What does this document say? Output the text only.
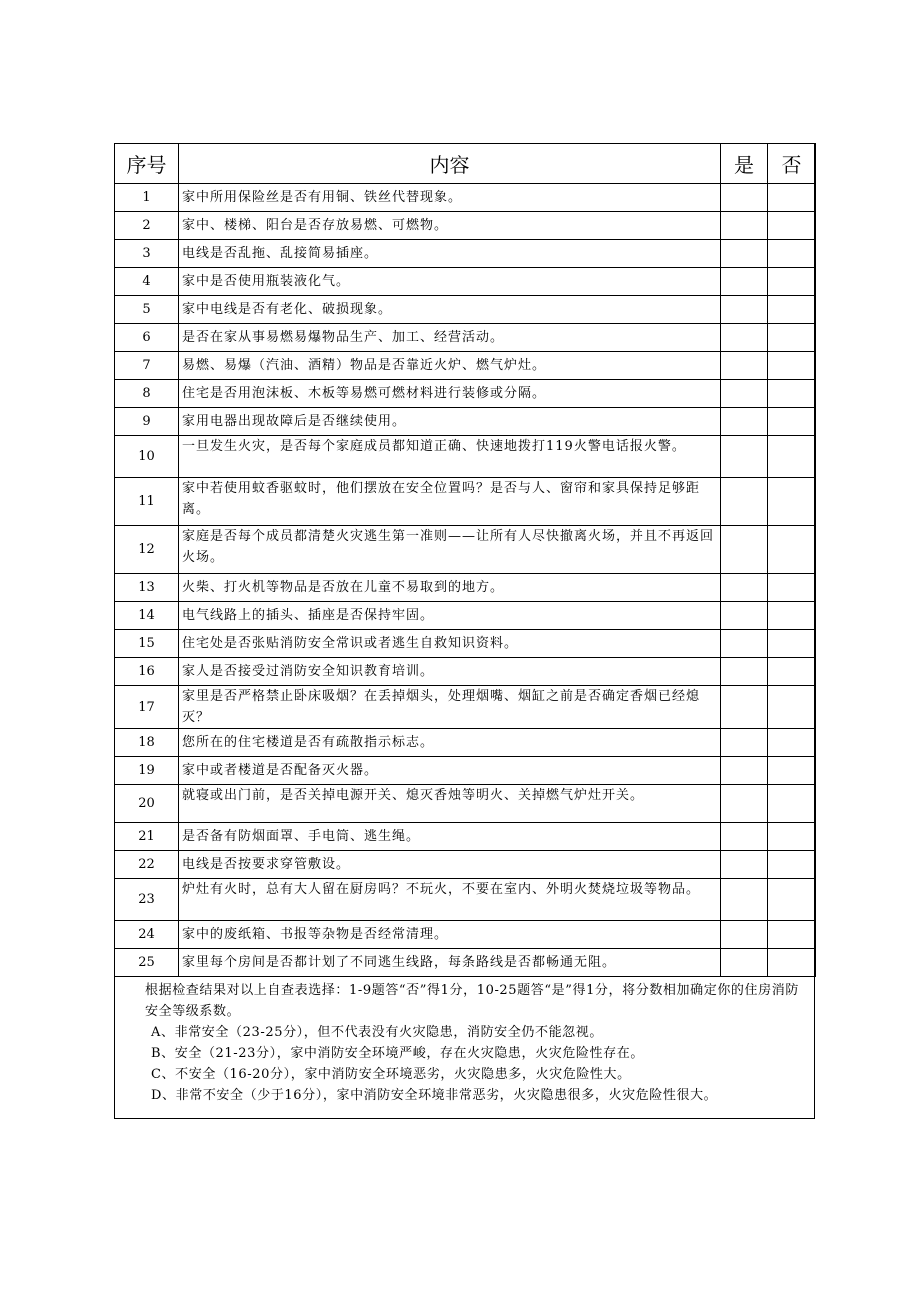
序号	内容	是	否
1	家中所用保险丝是否有用铜、铁丝代替现象。		
2	家中、楼梯、阳台是否存放易燃、可燃物。		
3	电线是否乱拖、乱接简易插座。		
4	家中是否使用瓶装液化气。		
5	家中电线是否有老化、破损现象。		
6	是否在家从事易燃易爆物品生产、加工、经营活动。		
7	易燃、易爆（汽油、酒精）物品是否靠近火炉、燃气炉灶。		
8	住宅是否用泡沫板、木板等易燃可燃材料进行装修或分隔。		
9	家用电器出现故障后是否继续使用。		
10	一旦发生火灾，是否每个家庭成员都知道正确、快速地拨打119火警电话报火警。		
11	家中若使用蚊香驱蚊时，他们摆放在安全位置吗？是否与人、窗帘和家具保持足够距离。		
12	家庭是否每个成员都清楚火灾逃生第一准则——让所有人尽快撤离火场，并且不再返回火场。		
13	火柴、打火机等物品是否放在儿童不易取到的地方。		
14	电气线路上的插头、插座是否保持牢固。		
15	住宅处是否张贴消防安全常识或者逃生自救知识资料。		
16	家人是否接受过消防安全知识教育培训。		
17	家里是否严格禁止卧床吸烟？在丢掉烟头，处理烟嘴、烟缸之前是否确定香烟已经熄灭？		
18	您所在的住宅楼道是否有疏散指示标志。		
19	家中或者楼道是否配备灭火器。		
20	就寝或出门前，是否关掉电源开关、熄灭香烛等明火、关掉燃气炉灶开关。		
21	是否备有防烟面罩、手电筒、逃生绳。		
22	电线是否按要求穿管敷设。		
23	炉灶有火时，总有大人留在厨房吗？不玩火，不要在室内、外明火焚烧垃圾等物品。		
24	家中的废纸箱、书报等杂物是否经常清理。		
25	家里每个房间是否都计划了不同逃生线路，每条路线是否都畅通无阻。		

根据检查结果对以上自查表选择：1-9题答“否”得1分，10-25题答“是”得1分，将分数相加确定你的住房消防安全等级系数。

A、非常安全（23-25分），但不代表没有火灾隐患，消防安全仍不能忽视。

B、安全（21-23分），家中消防安全环境严峻，存在火灾隐患，火灾危险性存在。

C、不安全（16-20分），家中消防安全环境恶劣，火灾隐患多，火灾危险性大。

D、非常不安全（少于16分），家中消防安全环境非常恶劣，火灾隐患很多，火灾危险性很大。
